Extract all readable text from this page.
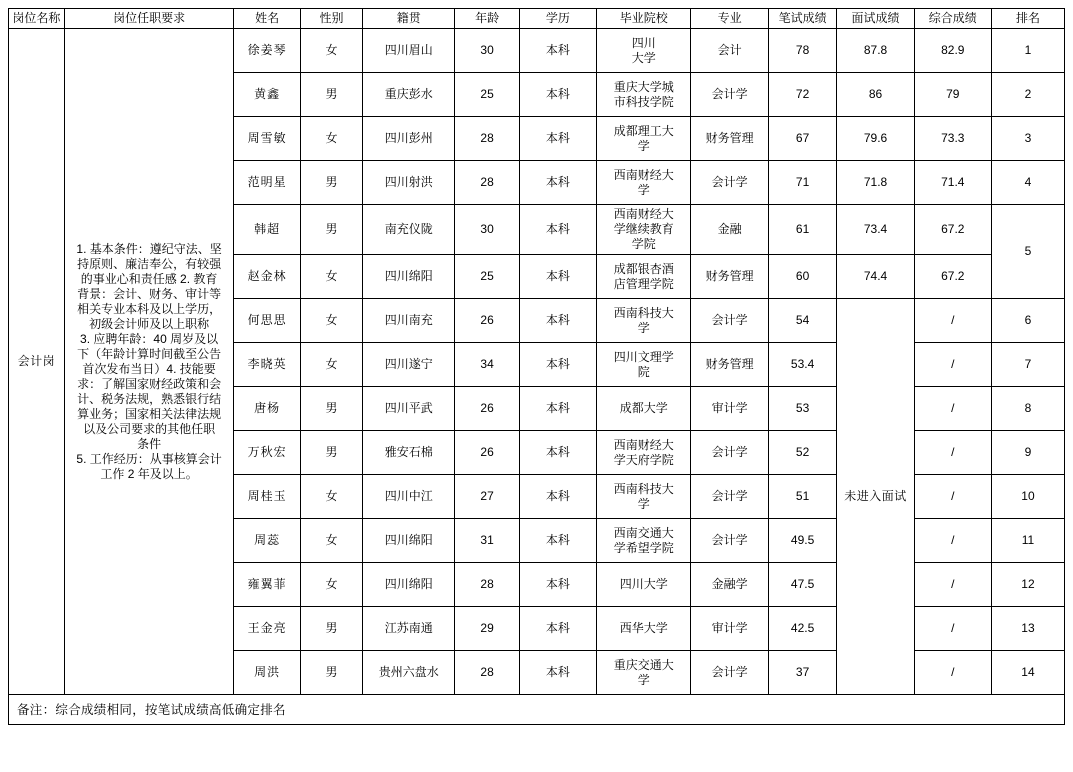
岗位名称	岗位任职要求	姓名	性别	籍贯	年龄	学历	毕业院校	专业	笔试成绩	面试成绩	综合成绩	排名
会计岗	

1. 基本条件：遵纪守法、坚

持原则、廉洁奉公，有较强

的事业心和责任感 2. 教育

背景：会计、财务、审计等

相关专业本科及以上学历，

初级会计师及以上职称

3. 应聘年龄：40 周岁及以

下（年龄计算时间截至公告

首次发布当日）4. 技能要

求：了解国家财经政策和会

计、税务法规，熟悉银行结

算业务；国家相关法律法规

以及公司要求的其他任职

条件

5. 工作经历：从事核算会计

工作 2 年及以上。

	徐姜琴	女	四川眉山	30	本科	四川
大学	会计	78	87.8	82.9	1
		黄鑫	男	重庆彭水	25	本科	重庆大学城
市科技学院	会计学	72	86	79	2
		周雪敏	女	四川彭州	28	本科	成都理工大
学	财务管理	67	79.6	73.3	3
		范明星	男	四川射洪	28	本科	西南财经大
学	会计学	71	71.8	71.4	4
		韩超	男	南充仪陇	30	本科	西南财经大
学继续教育
学院	金融	61	73.4	67.2	5
		赵金林	女	四川绵阳	25	本科	成都银杏酒
店管理学院	财务管理	60	74.4	67.2	
		何思思	女	四川南充	26	本科	西南科技大
学	会计学	54	未进入面试	/	6
		李晓英	女	四川遂宁	34	本科	四川文理学
院	财务管理	53.4		/	7
		唐杨	男	四川平武	26	本科	成都大学	审计学	53		/	8
		万秋宏	男	雅安石棉	26	本科	西南财经大
学天府学院	会计学	52		/	9
		周桂玉	女	四川中江	27	本科	西南科技大
学	会计学	51		/	10
		周蕊	女	四川绵阳	31	本科	西南交通大
学希望学院	会计学	49.5		/	11
		雍翼菲	女	四川绵阳	28	本科	四川大学	金融学	47.5		/	12
		王金亮	男	江苏南通	29	本科	西华大学	审计学	42.5		/	13
		周洪	男	贵州六盘水	28	本科	重庆交通大
学	会计学	37		/	14
备注：综合成绩相同，按笔试成绩高低确定排名
